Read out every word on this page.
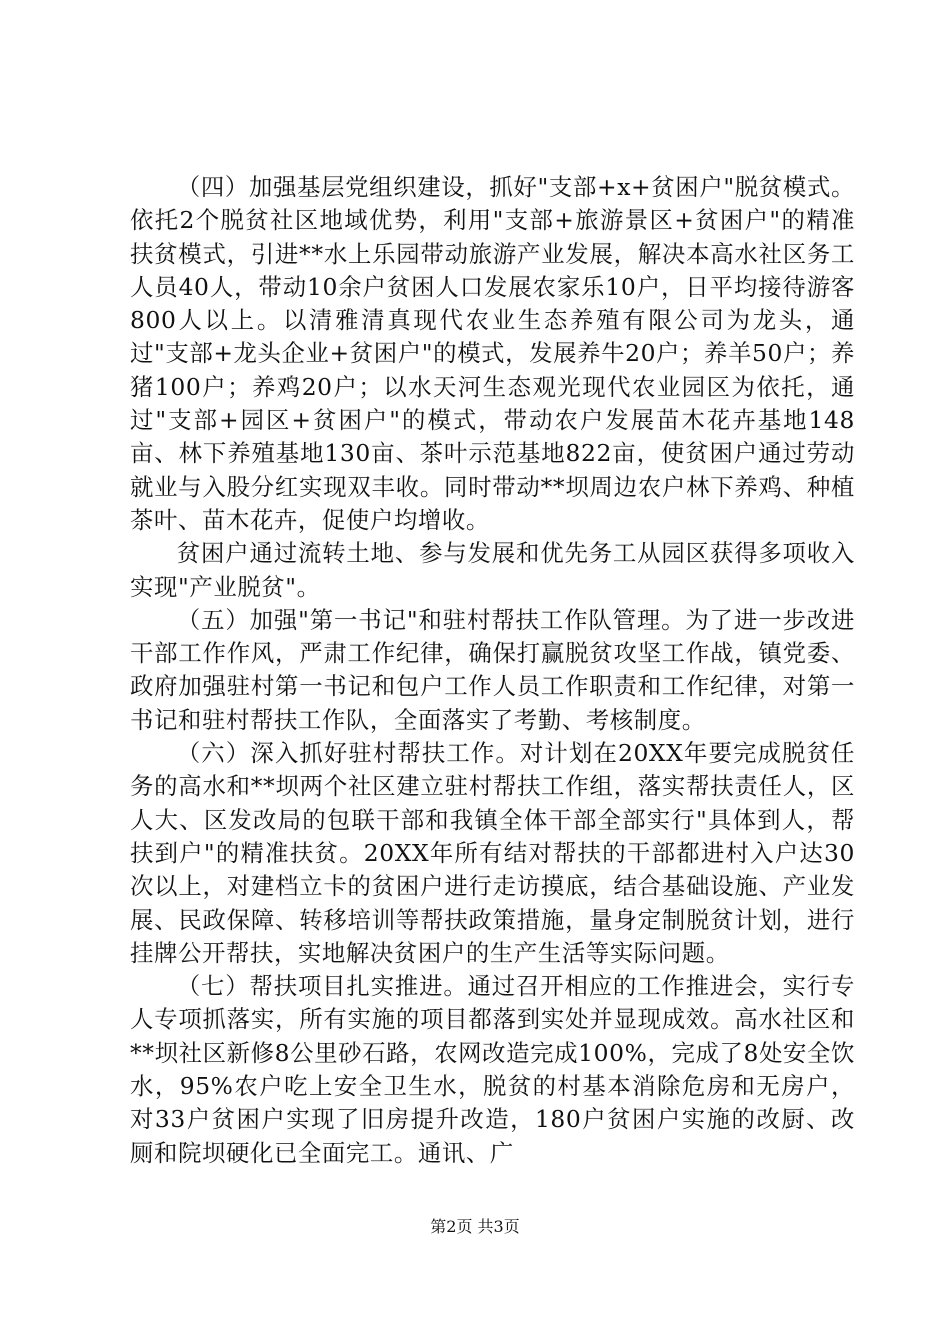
（四）加强基层党组织建设，抓好"支部+x+贫困户"脱贫模式。依托2个脱贫社区地域优势，利用"支部+旅游景区+贫困户"的精准扶贫模式，引进**水上乐园带动旅游产业发展，解决本高水社区务工人员40人，带动10余户贫困人口发展农家乐10户，日平均接待游客800人以上。以清雅清真现代农业生态养殖有限公司为龙头，通过"支部+龙头企业+贫困户"的模式，发展养牛20户；养羊50户；养猪100户；养鸡20户；以水天河生态观光现代农业园区为依托，通过"支部+园区+贫困户"的模式，带动农户发展苗木花卉基地148亩、林下养殖基地130亩、茶叶示范基地822亩，使贫困户通过劳动就业与入股分红实现双丰收。同时带动**坝周边农户林下养鸡、种植茶叶、苗木花卉，促使户均增收。

贫困户通过流转土地、参与发展和优先务工从园区获得多项收入实现"产业脱贫"。

（五）加强"第一书记"和驻村帮扶工作队管理。为了进一步改进干部工作作风，严肃工作纪律，确保打赢脱贫攻坚工作战，镇党委、政府加强驻村第一书记和包户工作人员工作职责和工作纪律，对第一书记和驻村帮扶工作队，全面落实了考勤、考核制度。

（六）深入抓好驻村帮扶工作。对计划在20XX年要完成脱贫任务的高水和**坝两个社区建立驻村帮扶工作组，落实帮扶责任人，区人大、区发改局的包联干部和我镇全体干部全部实行"具体到人，帮扶到户"的精准扶贫。20XX年所有结对帮扶的干部都进村入户达30次以上，对建档立卡的贫困户进行走访摸底，结合基础设施、产业发展、民政保障、转移培训等帮扶政策措施，量身定制脱贫计划，进行挂牌公开帮扶，实地解决贫困户的生产生活等实际问题。

（七）帮扶项目扎实推进。通过召开相应的工作推进会，实行专人专项抓落实，所有实施的项目都落到实处并显现成效。高水社区和**坝社区新修8公里砂石路，农网改造完成100%，完成了8处安全饮水，95%农户吃上安全卫生水，脱贫的村基本消除危房和无房户，对33户贫困户实现了旧房提升改造，180户贫困户实施的改厨、改厕和院坝硬化已全面完工。通讯、广

第2页 共3页
